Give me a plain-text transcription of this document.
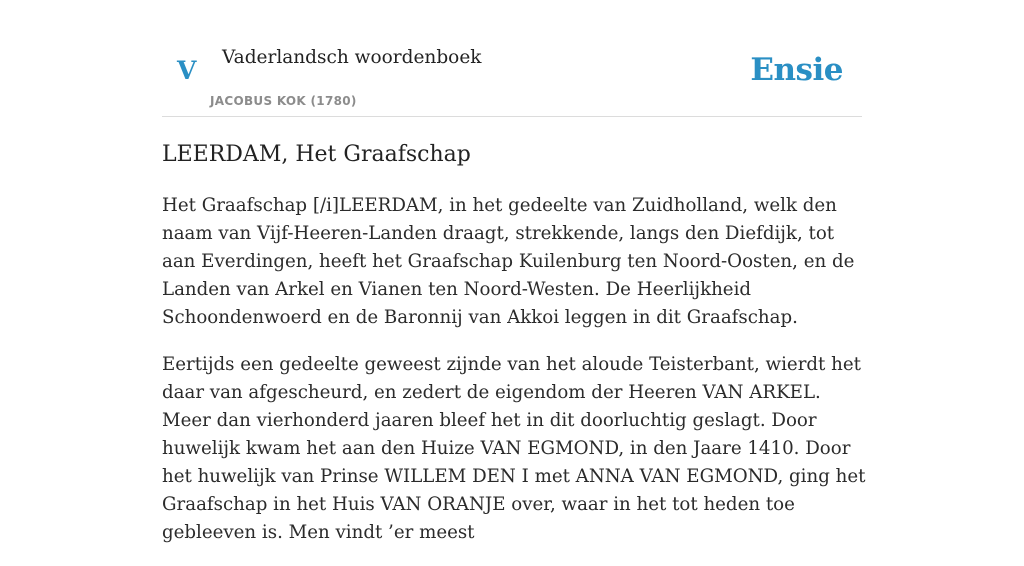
V Vaderlandsch woordenboek
JACOBUS KOK (1780)
Ensie
LEERDAM, Het Graafschap

Het Graafschap [/i]LEERDAM, in het gedeelte van Zuidholland, welk den naam van Vijf-Heeren-Landen draagt, strekkende, langs den Diefdijk, tot aan Everdingen, heeft het Graafschap Kuilenburg ten Noord-Oosten, en de Landen van Arkel en Vianen ten Noord-Westen. De Heerlijkheid Schoondenwoerd en de Baronnij van Akkoi leggen in dit Graafschap.

Eertijds een gedeelte geweest zijnde van het aloude Teisterbant, wierdt het daar van afgescheurd, en zedert de eigendom der Heeren VAN ARKEL. Meer dan vierhonderd jaaren bleef het in dit doorluchtig geslagt. Door huwelijk kwam het aan den Huize VAN EGMOND, in den Jaare 1410. Door het huwelijk van Prinse WILLEM DEN I met ANNA VAN EGMOND, ging het Graafschap in het Huis VAN ORANJE over, waar in het tot heden toe gebleeven is. Men vindt ’er meest
